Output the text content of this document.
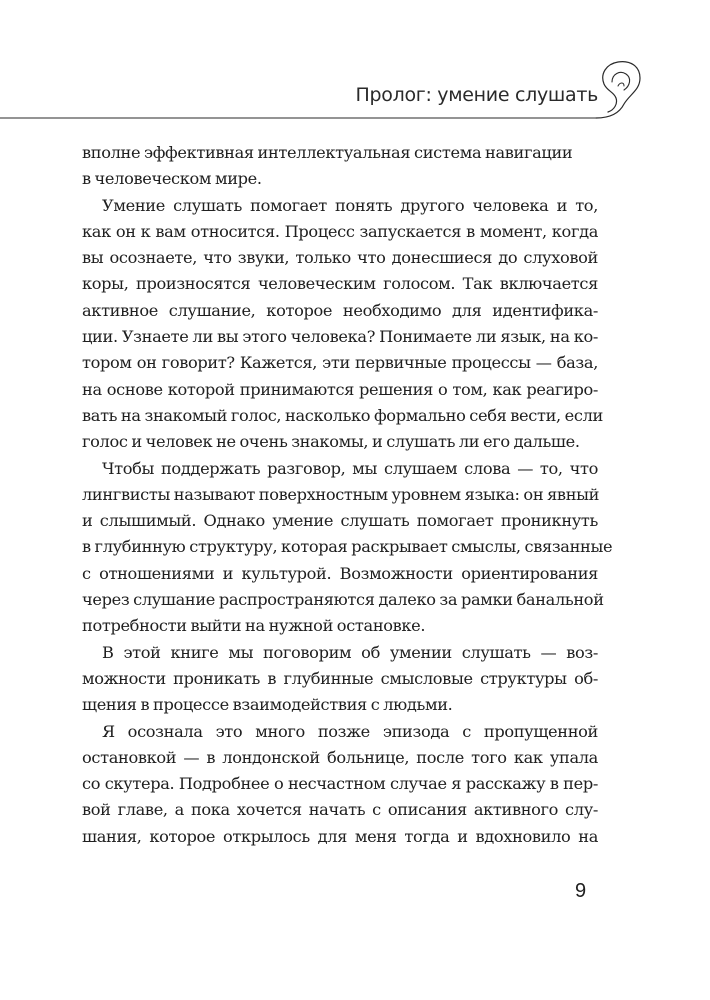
Пролог: умение слушать
вполне эффективная интеллектуальная система навигации
в человеческом мире.
Умение слушать помогает понять другого человека и то,
как он к вам относится. Процесс запускается в момент, когда
вы осознаете, что звуки, только что донесшиеся до слуховой
коры, произносятся человеческим голосом. Так включается
активное слушание, которое необходимо для идентифика-
ции. Узнаете ли вы этого человека? Понимаете ли язык, на ко-
тором он говорит? Кажется, эти первичные процессы — база,
на основе которой принимаются решения о том, как реагиро-
вать на знакомый голос, насколько формально себя вести, если
голос и человек не очень знакомы, и слушать ли его дальше.
Чтобы поддержать разговор, мы слушаем слова — то, что
лингвисты называют поверхностным уровнем языка: он явный
и слышимый. Однако умение слушать помогает проникнуть
в глубинную структуру, которая раскрывает смыслы, связанные
с отношениями и культурой. Возможности ориентирования
через слушание распространяются далеко за рамки банальной
потребности выйти на нужной остановке.
В этой книге мы поговорим об умении слушать — воз-
можности проникать в глубинные смысловые структуры об-
щения в процессе взаимодействия с людьми.
Я осознала это много позже эпизода с пропущенной
остановкой — в лондонской больнице, после того как упала
со скутера. Подробнее о несчастном случае я расскажу в пер-
вой главе, а пока хочется начать с описания активного слу-
шания, которое открылось для меня тогда и вдохновило на
9
